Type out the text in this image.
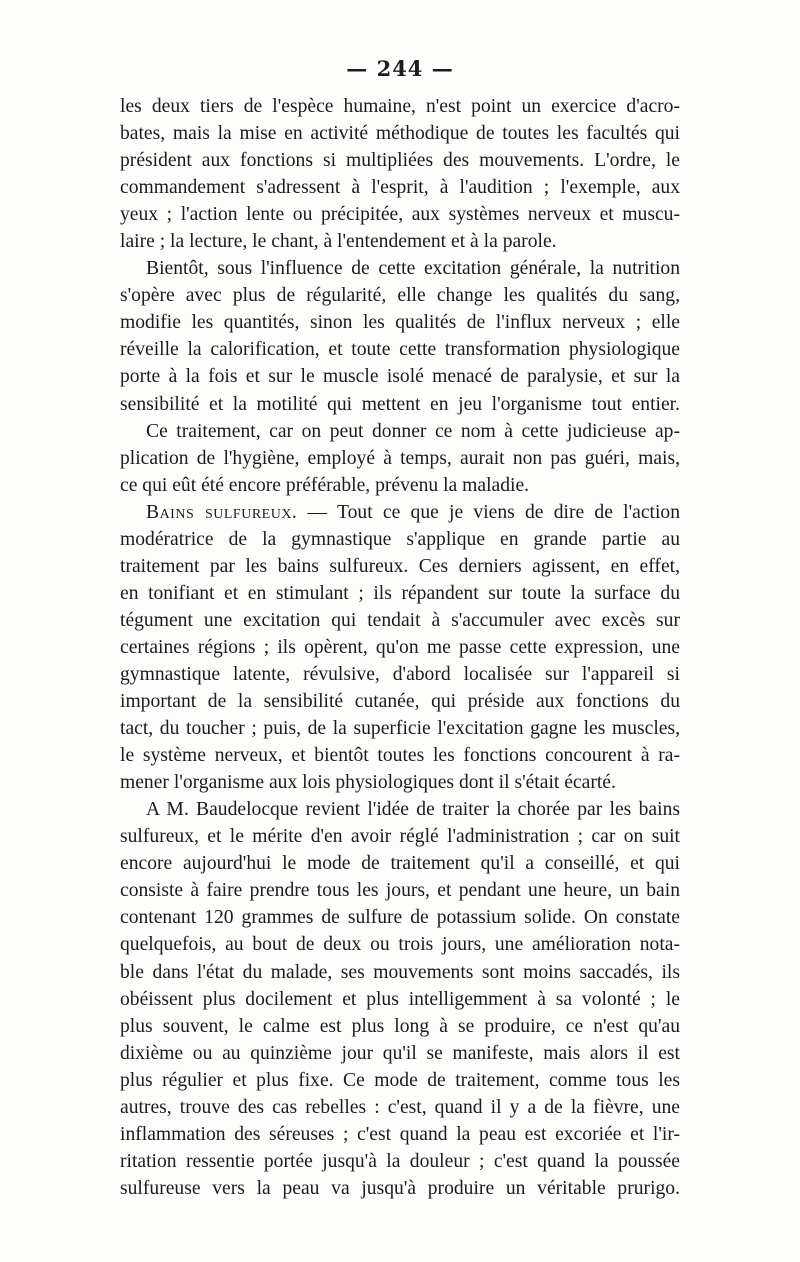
— 244 —
les deux tiers de l'espèce humaine, n'est point un exercice d'acro-
bates, mais la mise en activité méthodique de toutes les facultés qui
président aux fonctions si multipliées des mouvements. L'ordre, le
commandement s'adressent à l'esprit, à l'audition ; l'exemple, aux
yeux ; l'action lente ou précipitée, aux systèmes nerveux et muscu-
laire ; la lecture, le chant, à l'entendement et à la parole.
Bientôt, sous l'influence de cette excitation générale, la nutrition
s'opère avec plus de régularité, elle change les qualités du sang,
modifie les quantités, sinon les qualités de l'influx nerveux ; elle
réveille la calorification, et toute cette transformation physiologique
porte à la fois et sur le muscle isolé menacé de paralysie, et sur la
sensibilité et la motilité qui mettent en jeu l'organisme tout entier.
Ce traitement, car on peut donner ce nom à cette judicieuse ap-
plication de l'hygiène, employé à temps, aurait non pas guéri, mais,
ce qui eût été encore préférable, prévenu la maladie.
Bains sulfureux. — Tout ce que je viens de dire de l'action
modératrice de la gymnastique s'applique en grande partie au
traitement par les bains sulfureux. Ces derniers agissent, en effet,
en tonifiant et en stimulant ; ils répandent sur toute la surface du
tégument une excitation qui tendait à s'accumuler avec excès sur
certaines régions ; ils opèrent, qu'on me passe cette expression, une
gymnastique latente, révulsive, d'abord localisée sur l'appareil si
important de la sensibilité cutanée, qui préside aux fonctions du
tact, du toucher ; puis, de la superficie l'excitation gagne les muscles,
le système nerveux, et bientôt toutes les fonctions concourent à ra-
mener l'organisme aux lois physiologiques dont il s'était écarté.
A M. Baudelocque revient l'idée de traiter la chorée par les bains
sulfureux, et le mérite d'en avoir réglé l'administration ; car on suit
encore aujourd'hui le mode de traitement qu'il a conseillé, et qui
consiste à faire prendre tous les jours, et pendant une heure, un bain
contenant 120 grammes de sulfure de potassium solide. On constate
quelquefois, au bout de deux ou trois jours, une amélioration nota-
ble dans l'état du malade, ses mouvements sont moins saccadés, ils
obéissent plus docilement et plus intelligemment à sa volonté ; le
plus souvent, le calme est plus long à se produire, ce n'est qu'au
dixième ou au quinzième jour qu'il se manifeste, mais alors il est
plus régulier et plus fixe. Ce mode de traitement, comme tous les
autres, trouve des cas rebelles : c'est, quand il y a de la fièvre, une
inflammation des séreuses ; c'est quand la peau est excoriée et l'ir-
ritation ressentie portée jusqu'à la douleur ; c'est quand la poussée
sulfureuse vers la peau va jusqu'à produire un véritable prurigo.
